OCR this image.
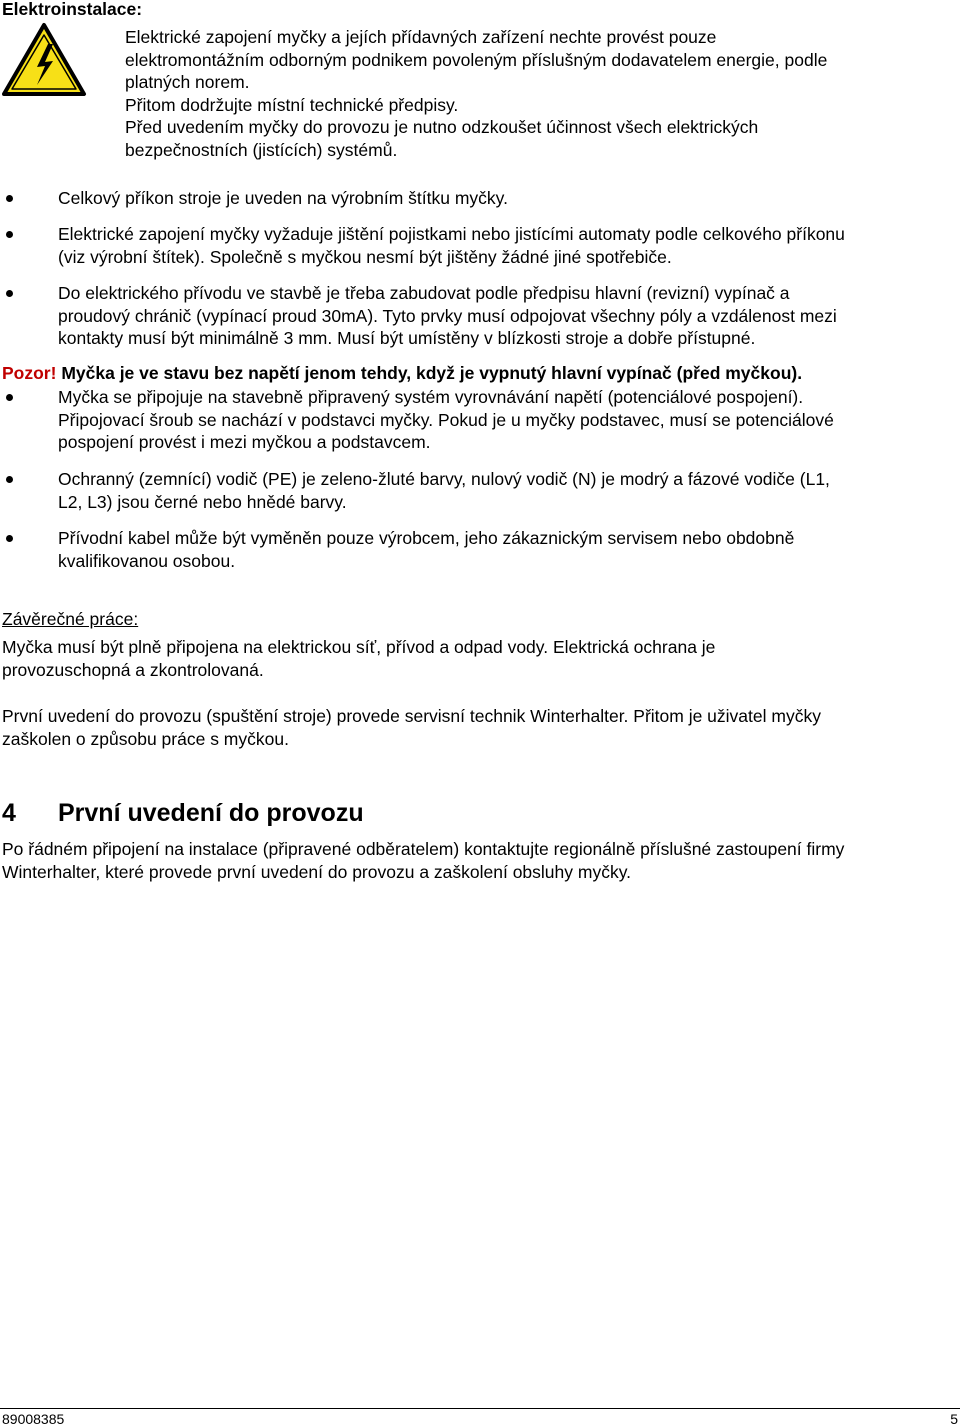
Elektroinstalace:
Elektrické zapojení myčky a jejích přídavných zařízení nechte provést pouze
elektromontážním odborným podnikem povoleným příslušným dodavatelem energie, podle
platných norem.
Přitom dodržujte místní technické předpisy.
Před uvedením myčky do provozu je nutno odzkoušet účinnost všech elektrických
bezpečnostních (jistících) systémů.
Celkový příkon stroje je uveden na výrobním štítku myčky.
Elektrické zapojení myčky vyžaduje jištění pojistkami nebo jistícími automaty podle celkového příkonu
(viz výrobní štítek). Společně s myčkou nesmí být jištěny žádné jiné spotřebiče.
Do elektrického přívodu ve stavbě je třeba zabudovat podle předpisu hlavní (revizní) vypínač a
proudový chránič (vypínací proud 30mA). Tyto prvky musí odpojovat všechny póly a vzdálenost mezi
kontakty musí být minimálně 3 mm. Musí být umístěny v blízkosti stroje a dobře přístupné.
Pozor! Myčka je ve stavu bez napětí jenom tehdy, když je vypnutý hlavní vypínač (před myčkou).
Myčka se připojuje na stavebně připravený systém vyrovnávání napětí (potenciálové pospojení).
Připojovací šroub se nachází v podstavci myčky. Pokud je u myčky podstavec, musí se potenciálové
pospojení provést i mezi myčkou a podstavcem.
Ochranný (zemnící) vodič (PE) je zeleno-žluté barvy, nulový vodič (N) je modrý a fázové vodiče (L1,
L2, L3) jsou černé nebo hnědé barvy.
Přívodní kabel může být vyměněn pouze výrobcem, jeho zákaznickým servisem nebo obdobně
kvalifikovanou osobou.
Závěrečné práce:
Myčka musí být plně připojena na elektrickou síť, přívod a odpad vody. Elektrická ochrana je
provozuschopná a zkontrolovaná.
První uvedení do provozu (spuštění stroje) provede servisní technik Winterhalter. Přitom je uživatel myčky
zaškolen o způsobu práce s myčkou.
4 První uvedení do provozu
Po řádném připojení na instalace (připravené odběratelem) kontaktujte regionálně příslušné zastoupení firmy
Winterhalter, které provede první uvedení do provozu a zaškolení obsluhy myčky.
89008385	5
